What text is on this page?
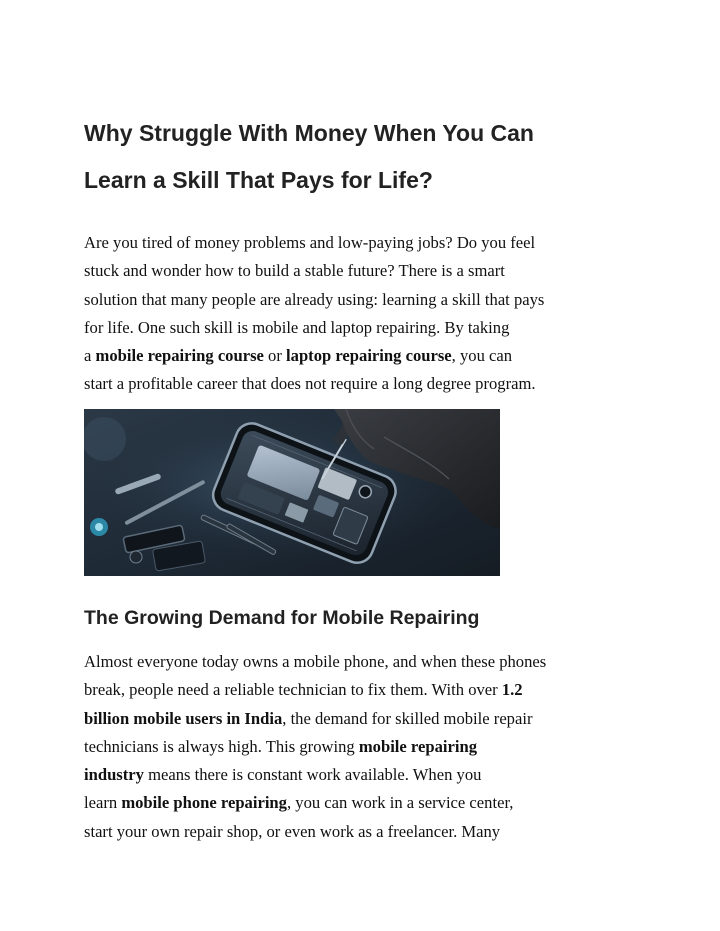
Why Struggle With Money When You Can
Learn a Skill That Pays for Life?

Are you tired of money problems and low-paying jobs? Do you feel
stuck and wonder how to build a stable future? There is a smart
solution that many people are already using: learning a skill that pays
for life. One such skill is mobile and laptop repairing. By taking
a mobile repairing course or laptop repairing course, you can
start a profitable career that does not require a long degree program.

The Growing Demand for Mobile Repairing

Almost everyone today owns a mobile phone, and when these phones
break, people need a reliable technician to fix them. With over 1.2
billion mobile users in India, the demand for skilled mobile repair
technicians is always high. This growing mobile repairing
industry means there is constant work available. When you
learn mobile phone repairing, you can work in a service center,
start your own repair shop, or even work as a freelancer. Many
